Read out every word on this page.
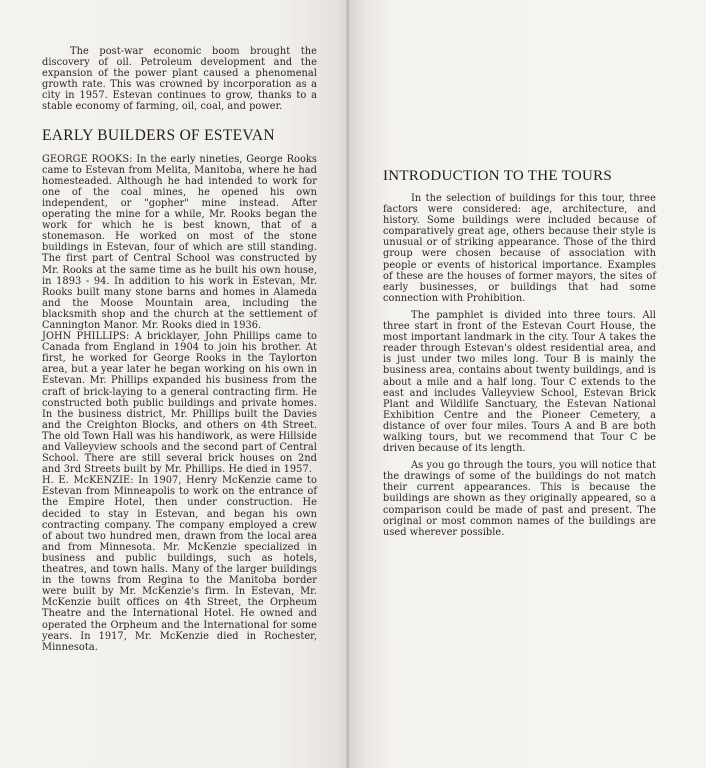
The post-war economic boom brought the discovery of oil. Petroleum development and the expansion of the power plant caused a phenomenal growth rate. This was crowned by incorporation as a city in 1957. Estevan continues to grow, thanks to a stable economy of farming, oil, coal, and power.

EARLY BUILDERS OF ESTEVAN

GEORGE ROOKS: In the early nineties, George Rooks came to Estevan from Melita, Manitoba, where he had homesteaded. Although he had intended to work for one of the coal mines, he opened his own independent, or "gopher" mine instead. After operating the mine for a while, Mr. Rooks began the work for which he is best known, that of a stonemason. He worked on most of the stone buildings in Estevan, four of which are still standing. The first part of Central School was constructed by Mr. Rooks at the same time as he built his own house, in 1893 - 94. In addition to his work in Estevan, Mr. Rooks built many stone barns and homes in Alameda and the Moose Mountain area, including the blacksmith shop and the church at the settlement of Cannington Manor. Mr. Rooks died in 1936.

JOHN PHILLIPS: A bricklayer, John Phillips came to Canada from England in 1904 to join his brother. At first, he worked for George Rooks in the Taylorton area, but a year later he began working on his own in Estevan. Mr. Phillips expanded his business from the craft of brick-laying to a general contracting firm. He constructed both public buildings and private homes. In the business district, Mr. Phillips built the Davies and the Creighton Blocks, and others on 4th Street. The old Town Hall was his handiwork, as were Hillside and Valleyview schools and the second part of Central School. There are still several brick houses on 2nd and 3rd Streets built by Mr. Phillips. He died in 1957.

H. E. McKENZIE: In 1907, Henry McKenzie came to Estevan from Minneapolis to work on the entrance of the Empire Hotel, then under construction. He decided to stay in Estevan, and began his own contracting company. The company employed a crew of about two hundred men, drawn from the local area and from Minnesota. Mr. McKenzie specialized in business and public buildings, such as hotels, theatres, and town halls. Many of the larger buildings in the towns from Regina to the Manitoba border were built by Mr. McKenzie's firm. In Estevan, Mr. McKenzie built offices on 4th Street, the Orpheum Theatre and the International Hotel. He owned and operated the Orpheum and the International for some years. In 1917, Mr. McKenzie died in Rochester, Minnesota.

INTRODUCTION TO THE TOURS

In the selection of buildings for this tour, three factors were considered: age, architecture, and history. Some buildings were included because of comparatively great age, others because their style is unusual or of striking appearance. Those of the third group were chosen because of association with people or events of historical importance. Examples of these are the houses of former mayors, the sites of early businesses, or buildings that had some connection with Prohibition.

The pamphlet is divided into three tours. All three start in front of the Estevan Court House, the most important landmark in the city. Tour A takes the reader through Estevan's oldest residential area, and is just under two miles long. Tour B is mainly the business area, contains about twenty buildings, and is about a mile and a half long. Tour C extends to the east and includes Valleyview School, Estevan Brick Plant and Wildlife Sanctuary, the Estevan National Exhibition Centre and the Pioneer Cemetery, a distance of over four miles. Tours A and B are both walking tours, but we recommend that Tour C be driven because of its length.

As you go through the tours, you will notice that the drawings of some of the buildings do not match their current appearances. This is because the buildings are shown as they originally appeared, so a comparison could be made of past and present. The original or most common names of the buildings are used wherever possible.
